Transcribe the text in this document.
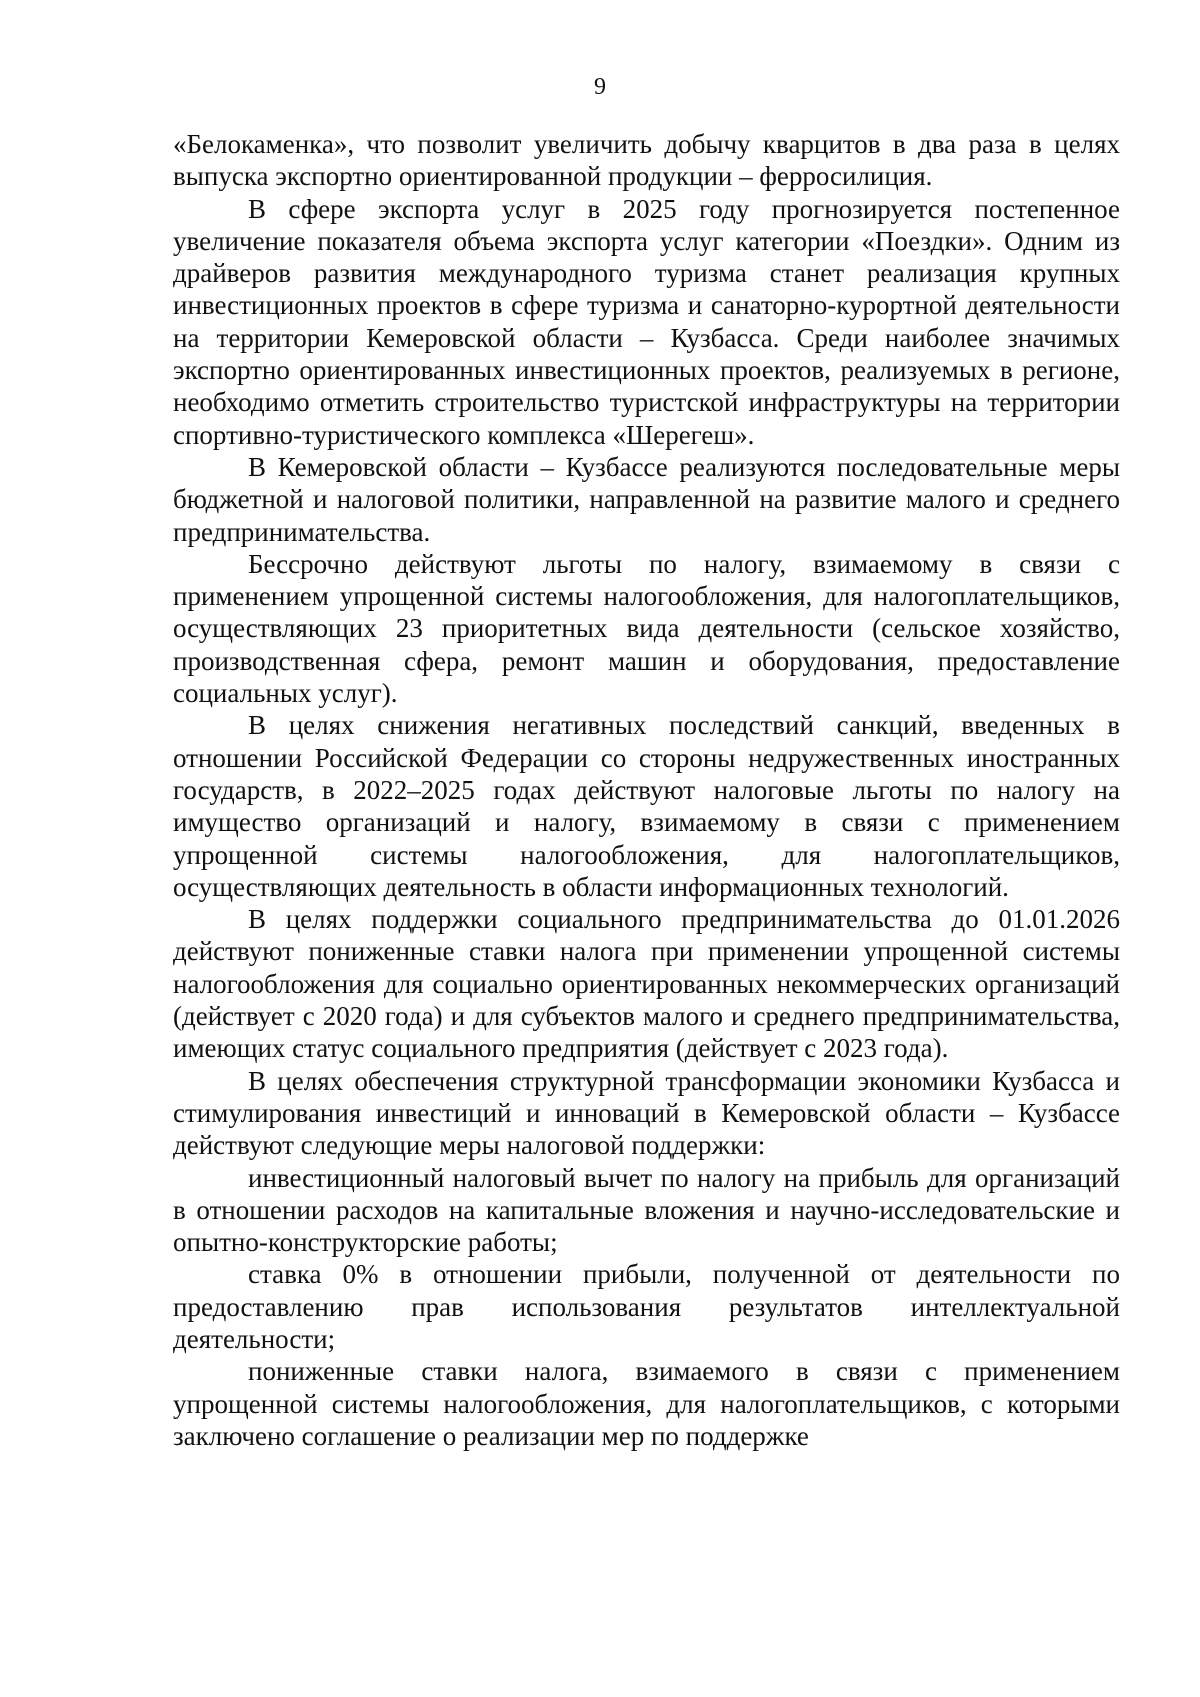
9

«Белокаменка», что позволит увеличить добычу кварцитов в два раза в целях выпуска экспортно ориентированной продукции – ферросилиция.

В сфере экспорта услуг в 2025 году прогнозируется постепенное увеличение показателя объема экспорта услуг категории «Поездки». Одним из драйверов развития международного туризма станет реализация крупных инвестиционных проектов в сфере туризма и санаторно-курортной деятельности на территории Кемеровской области – Кузбасса. Среди наиболее значимых экспортно ориентированных инвестиционных проектов, реализуемых в регионе, необходимо отметить строительство туристской инфраструктуры на территории спортивно-туристического комплекса «Шерегеш».

В Кемеровской области – Кузбассе реализуются последовательные меры бюджетной и налоговой политики, направленной на развитие малого и среднего предпринимательства.

Бессрочно действуют льготы по налогу, взимаемому в связи с применением упрощенной системы налогообложения, для налогоплательщиков, осуществляющих 23 приоритетных вида деятельности (сельское хозяйство, производственная сфера, ремонт машин и оборудования, предоставление социальных услуг).

В целях снижения негативных последствий санкций, введенных в отношении Российской Федерации со стороны недружественных иностранных государств, в 2022–2025 годах действуют налоговые льготы по налогу на имущество организаций и налогу, взимаемому в связи с применением упрощенной системы налогообложения, для налогоплательщиков, осуществляющих деятельность в области информационных технологий.

В целях поддержки социального предпринимательства до 01.01.2026 действуют пониженные ставки налога при применении упрощенной системы налогообложения для социально ориентированных некоммерческих организаций (действует с 2020 года) и для субъектов малого и среднего предпринимательства, имеющих статус социального предприятия (действует с 2023 года).

В целях обеспечения структурной трансформации экономики Кузбасса и стимулирования инвестиций и инноваций в Кемеровской области – Кузбассе действуют следующие меры налоговой поддержки:

инвестиционный налоговый вычет по налогу на прибыль для организаций в отношении расходов на капитальные вложения и научно-исследовательские и опытно-конструкторские работы;

ставка 0% в отношении прибыли, полученной от деятельности по предоставлению прав использования результатов интеллектуальной деятельности;

пониженные ставки налога, взимаемого в связи с применением упрощенной системы налогообложения, для налогоплательщиков, с которыми заключено соглашение о реализации мер по поддержке
